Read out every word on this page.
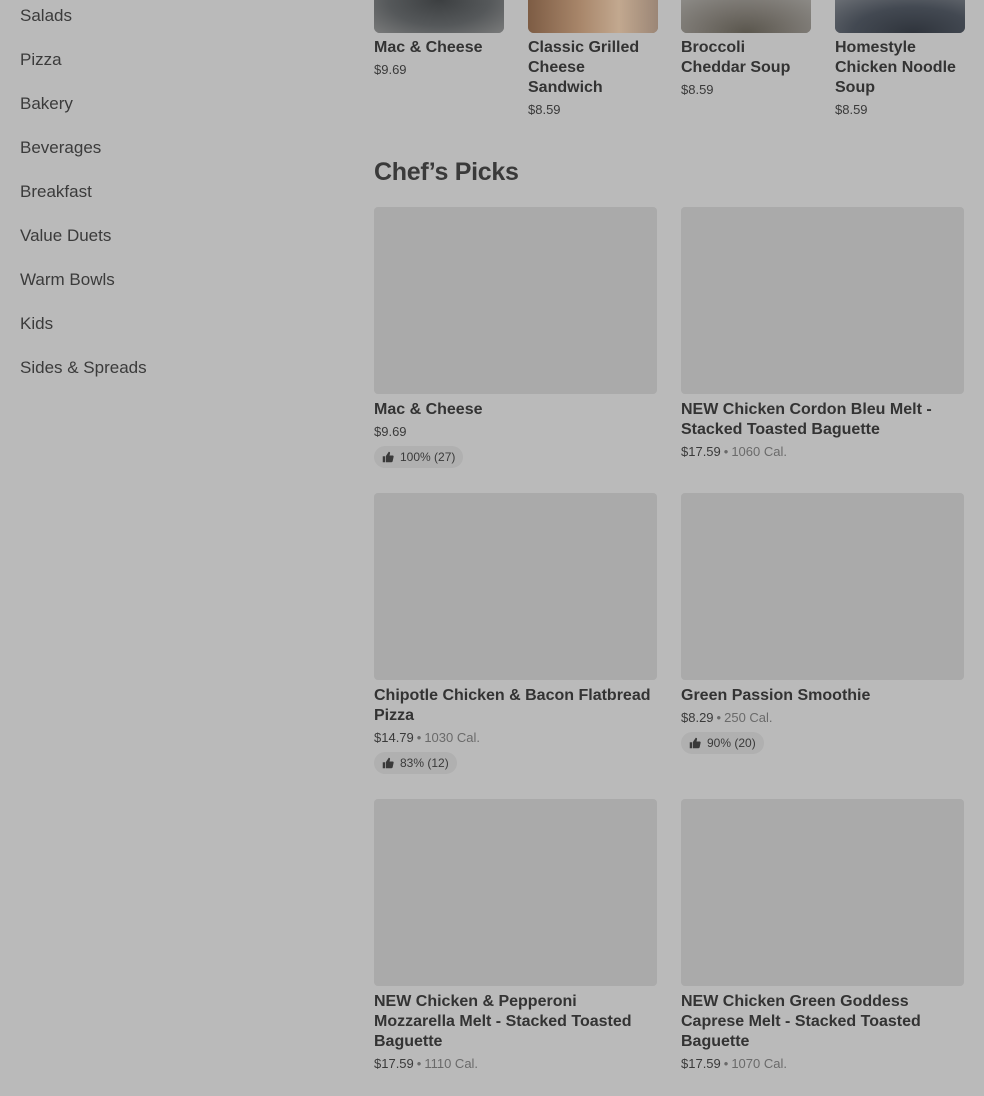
Salads
Pizza
Bakery
Beverages
Breakfast
Value Duets
Warm Bowls
Kids
Sides & Spreads
Mac & Cheese
$9.69
Classic Grilled Cheese Sandwich
$8.59
Broccoli Cheddar Soup
$8.59
Homestyle Chicken Noodle Soup
$8.59
Chef’s Picks
Mac & Cheese
$9.69
100% (27)
NEW Chicken Cordon Bleu Melt - Stacked Toasted Baguette
$17.59 • 1060 Cal.
Chipotle Chicken & Bacon Flatbread Pizza
$14.79 • 1030 Cal.
83% (12)
Green Passion Smoothie
$8.29 • 250 Cal.
90% (20)
NEW Chicken & Pepperoni Mozzarella Melt - Stacked Toasted Baguette
$17.59 • 1110 Cal.
NEW Chicken Green Goddess Caprese Melt - Stacked Toasted Baguette
$17.59 • 1070 Cal.
